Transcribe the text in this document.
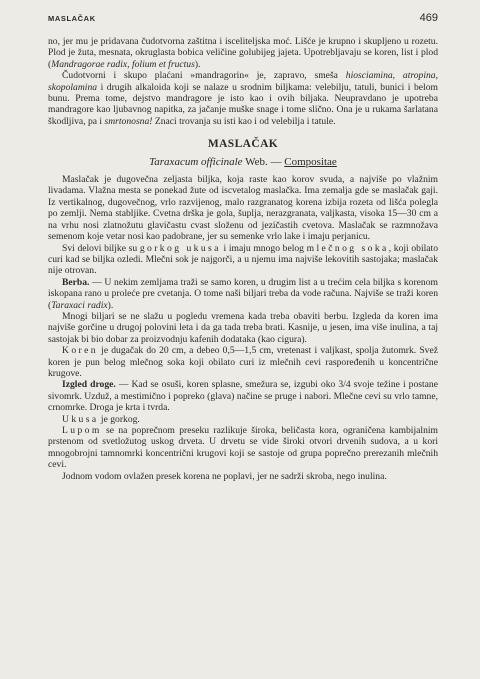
MASLAČAK	469

no, jer mu je pridavana čudotvorna zaštitna i isceliteljska moć. Lišće je krupno i skupljeno u rozetu. Plod je žuta, mesnata, okruglasta bobica veličine golubijeg jajeta. Upotrebljavaju se koren, list i plod (Mandragorae radix, folium et fructus).

Čudotvorni i skupo plaćani »mandragorin« je, zapravo, smeša hiosciamina, atropina, skopolamina i drugih alkaloida koji se nalaze u srodnim biljkama: velebilju, tatuli, bunici i belom bunu. Prema tome, dejstvo mandragore je isto kao i ovih biljaka. Neupravdano je upotreba mandragore kao ljubavnog napitka, za jačanje muške snage i tome slično. Ona je u rukama šarlatana škodljiva, pa i smrtonosna! Znaci trovanja su isti kao i od velebilja i tatule.

MASLAČAK
Taraxacum officinale Web. — Compositae

Maslačak je dugovečna zeljasta biljka, koja raste kao korov svuda, a najviše po vlažnim livadama. Vlažna mesta se ponekad žute od iscvetalog maslačka. Ima zemalja gde se maslačak gaji. Iz vertikalnog, dugovečnog, vrlo razvijenog, malo razgranatog korena izbija rozeta od lišća polegla po zemlji. Nema stabljike. Cvetna drška je gola, šuplja, nerazgranata, valjkasta, visoka 15—30 cm a na vrhu nosi zlatnožutu glavičastu cvast složenu od jezičastih cvetova. Maslačak se razmnožava semenom koje vetar nosi kao padobrane, jer su semenke vrlo lake i imaju perjanicu.

Svi delovi biljke su gorkog ukusa i imaju mnogo belog mlečnog soka, koji obilato curi kad se biljka ozledi. Mlečni sok je najgorči, a u njemu ima najviše lekovitih sastojaka; maslačak nije otrovan.

Berba. — U nekim zemljama traži se samo koren, u drugim list a u trećim cela biljka s korenom iskopana rano u proleće pre cvetanja. O tome naši biljari treba da vode računa. Najviše se traži koren (Taraxaci radix).

Mnogi biljari se ne slažu u pogledu vremena kada treba obaviti berbu. Izgleda da koren ima najviše gorčine u drugoj polovini leta i da ga tada treba brati. Kasnije, u jesen, ima više inulina, a taj sastojak bi bio dobar za proizvodnju kafenih dodataka (kao cigura).

Koren je dugačak do 20 cm, a debeo 0,5—1,5 cm, vretenast i valjkast, spolja žutomrk. Svež koren je pun belog mlečnog soka koji obilato curi iz mlečnih cevi raspoređenih u koncentrične krugove.

Izgled droge. — Kad se osuši, koren splasne, smežura se, izgubi oko 3/4 svoje težine i postane sivomrk. Uzduž, a mestimično i popreko (glava) načine se pruge i nabori. Mlečne cevi su vrlo tamne, crnomrke. Droga je krta i tvrda.

Ukusa je gorkog.

Lupom se na poprečnom preseku razlikuje široka, beličasta kora, ograničena kambijalnim prstenom od svetložutog uskog drveta. U drvetu se vide široki otvori drvenih sudova, a u kori mnogobrojni tamnomrki koncentrični krugovi koji se sastoje od grupa poprečno prerezanih mlečnih cevi.

Jodnom vodom ovlažen presek korena ne poplavi, jer ne sadrži skroba, nego inulina.
